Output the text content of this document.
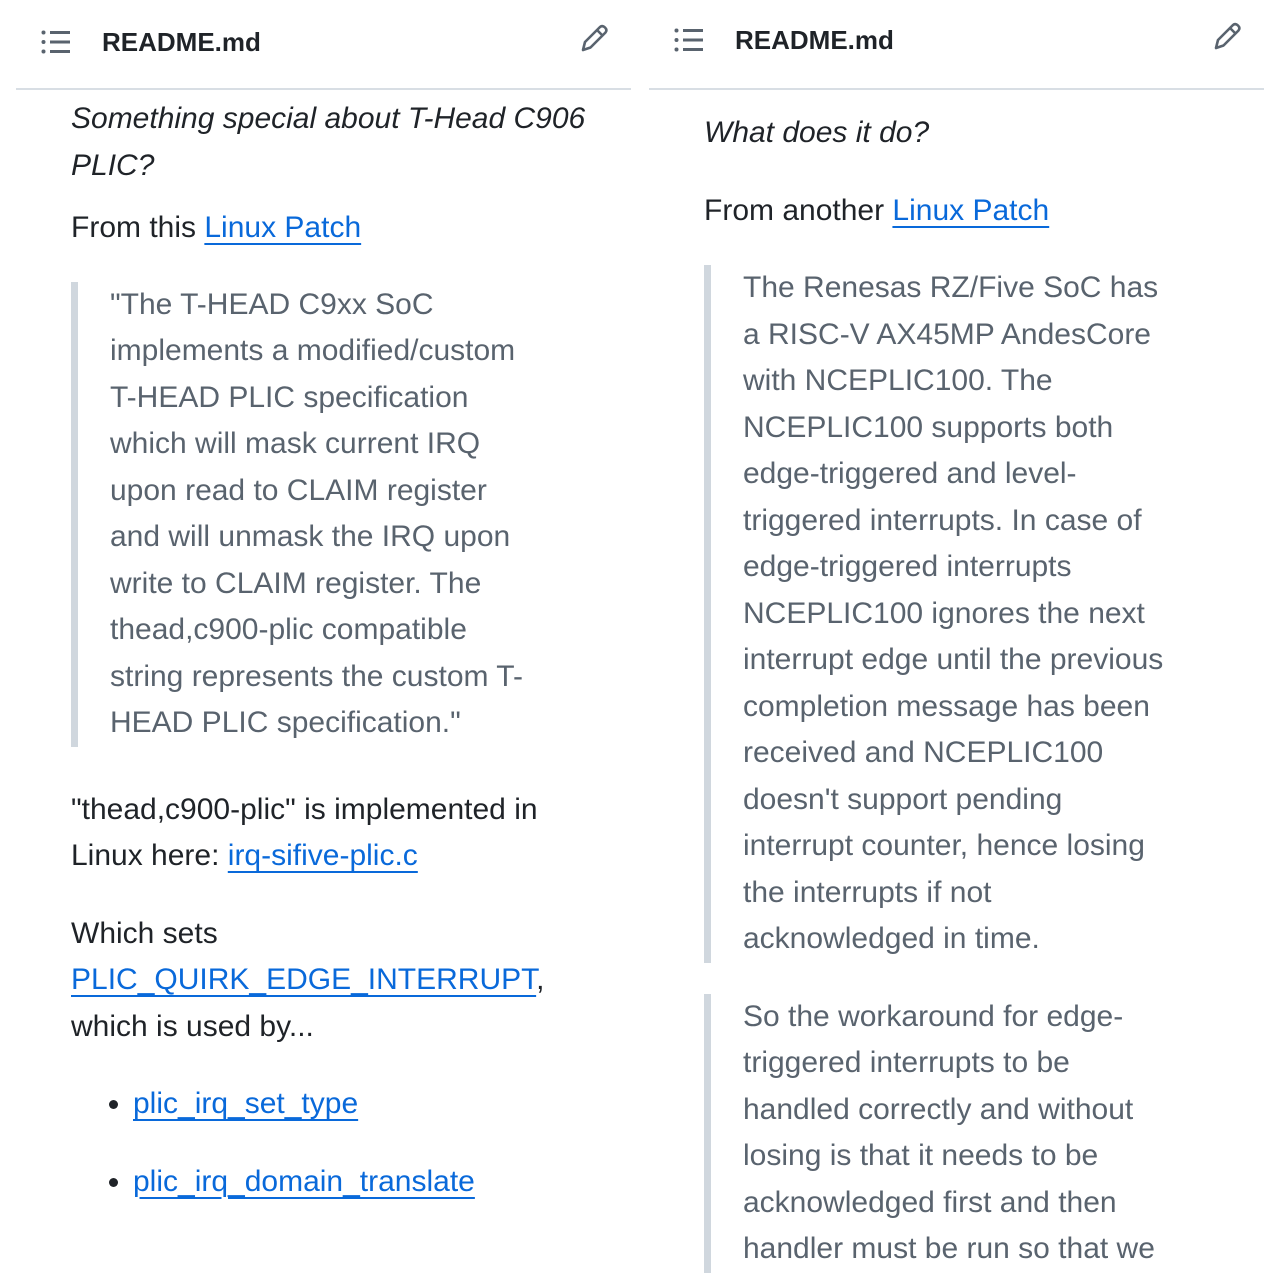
README.md

Something special about T-Head C906 PLIC?

From this Linux Patch

"The T-HEAD C9xx SoC implements a modified/custom T-HEAD PLIC specification which will mask current IRQ upon read to CLAIM register and will unmask the IRQ upon write to CLAIM register. The thead,c900-plic compatible string represents the custom T-HEAD PLIC specification."

"thead,c900-plic" is implemented in Linux here: irq-sifive-plic.c

Which sets PLIC_QUIRK_EDGE_INTERRUPT, which is used by...

• plic_irq_set_type
• plic_irq_domain_translate
README.md

What does it do?

From another Linux Patch

The Renesas RZ/Five SoC has a RISC-V AX45MP AndesCore with NCEPLIC100. The NCEPLIC100 supports both edge-triggered and level-triggered interrupts. In case of edge-triggered interrupts NCEPLIC100 ignores the next interrupt edge until the previous completion message has been received and NCEPLIC100 doesn't support pending interrupt counter, hence losing the interrupts if not acknowledged in time.

So the workaround for edge-triggered interrupts to be handled correctly and without losing is that it needs to be acknowledged first and then handler must be run so that we
